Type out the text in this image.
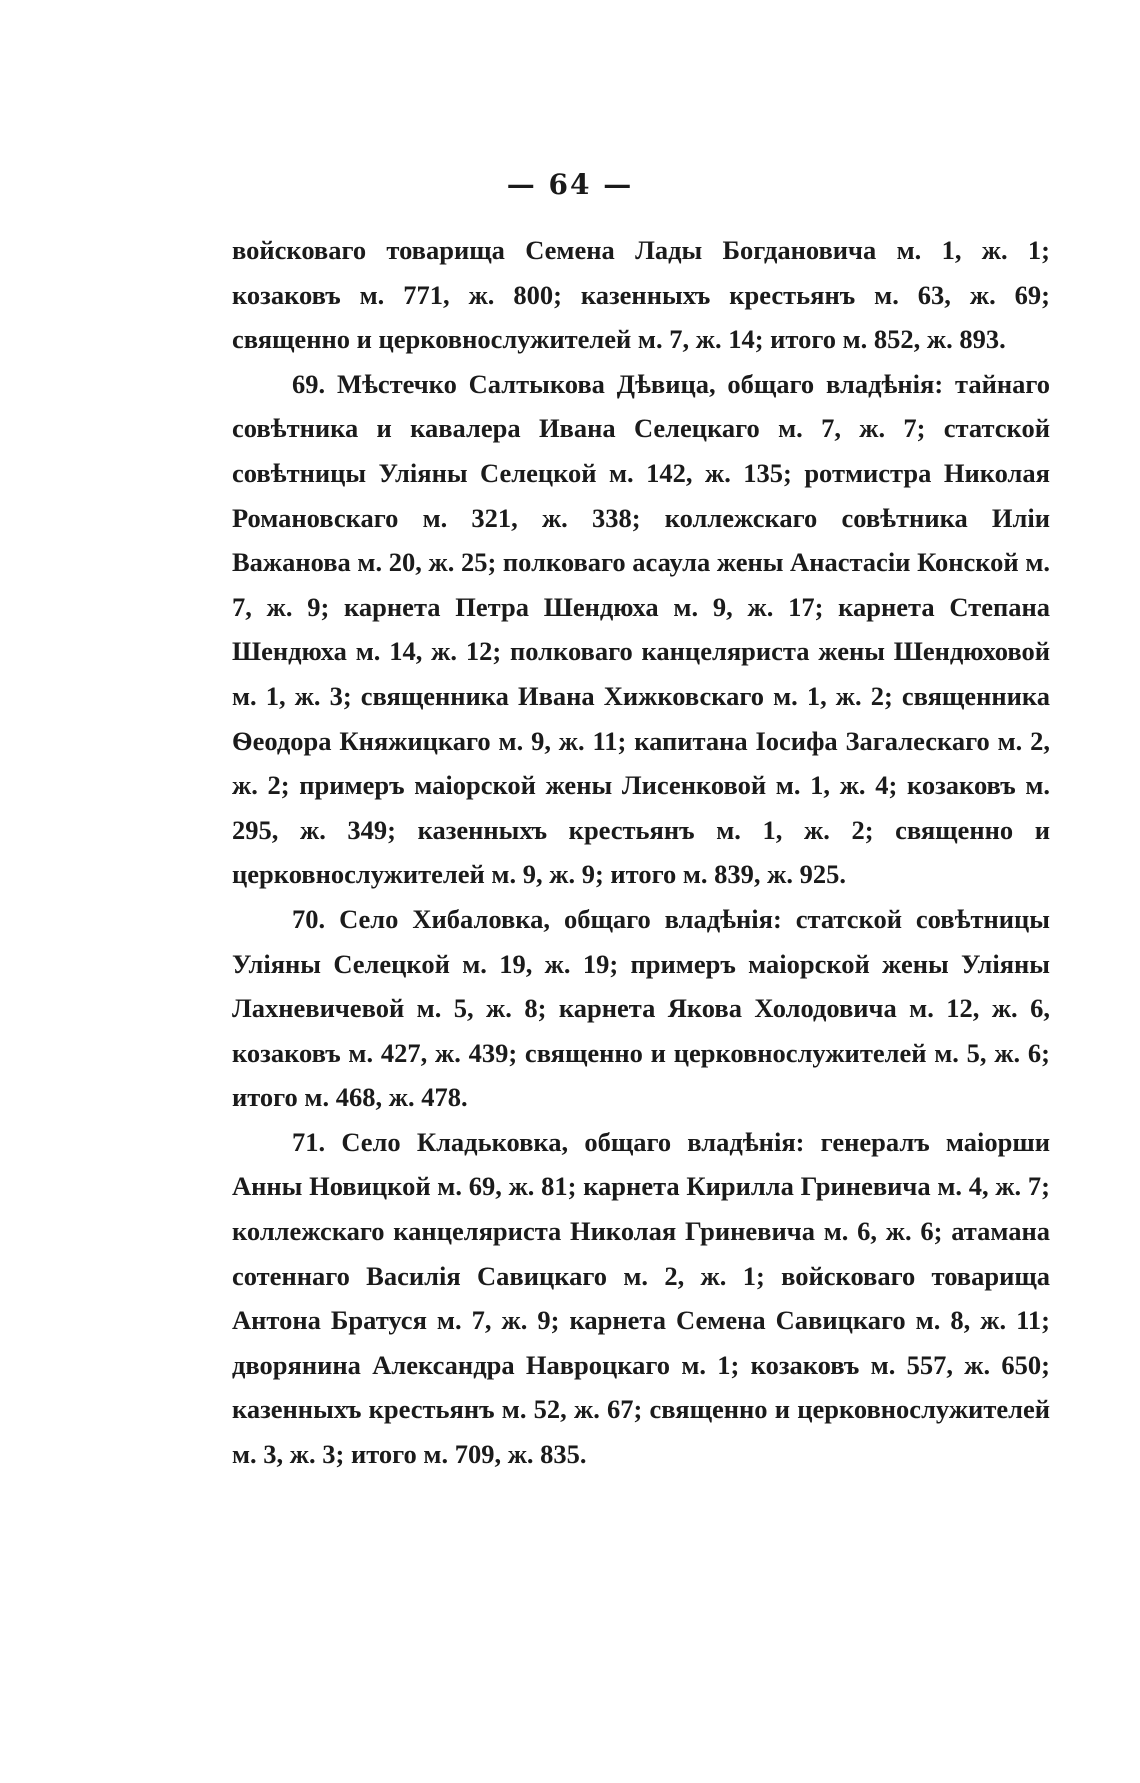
— 64 —

войсковаго товарища Семена Лады Богдановича м. 1, ж. 1; козаковъ м. 771, ж. 800; казенныхъ крестьянъ м. 63, ж. 69; священно и церковнослужителей м. 7, ж. 14; итого м. 852, ж. 893.

69. Мѣстечко Салтыкова Дѣвица, общаго владѣнія: тайнаго совѣтника и кавалера Ивана Селецкаго м. 7, ж. 7; статской совѣтницы Уліяны Селецкой м. 142, ж. 135; ротмистра Николая Романовскаго м. 321, ж. 338; коллежскаго совѣтника Иліи Важанова м. 20, ж. 25; полковаго асаула жены Анастасіи Конской м. 7, ж. 9; карнета Петра Шендюха м. 9, ж. 17; карнета Степана Шендюха м. 14, ж. 12; полковаго канцеляриста жены Шендюховой м. 1, ж. 3; священника Ивана Хижковскаго м. 1, ж. 2; священника Ѳеодора Княжицкаго м. 9, ж. 11; капитана Іосифа Загалескаго м. 2, ж. 2; примеръ маіорской жены Лисенковой м. 1, ж. 4; козаковъ м. 295, ж. 349; казенныхъ крестьянъ м. 1, ж. 2; священно и церковнослужителей м. 9, ж. 9; итого м. 839, ж. 925.

70. Село Хибаловка, общаго владѣнія: статской совѣтницы Уліяны Селецкой м. 19, ж. 19; примеръ маіорской жены Уліяны Лахневичевой м. 5, ж. 8; карнета Якова Холодовича м. 12, ж. 6, козаковъ м. 427, ж. 439; священно и церковнослужителей м. 5, ж. 6; итого м. 468, ж. 478.

71. Село Кладьковка, общаго владѣнія: генералъ маіорши Анны Новицкой м. 69, ж. 81; карнета Кирилла Гриневича м. 4, ж. 7; коллежскаго канцеляриста Николая Гриневича м. 6, ж. 6; атамана сотеннаго Василія Савицкаго м. 2, ж. 1; войсковаго товарища Антона Братуся м. 7, ж. 9; карнета Семена Савицкаго м. 8, ж. 11; дворянина Александра Навроцкаго м. 1; козаковъ м. 557, ж. 650; казенныхъ крестьянъ м. 52, ж. 67; священно и церковнослужителей м. 3, ж. 3; итого м. 709, ж. 835.
